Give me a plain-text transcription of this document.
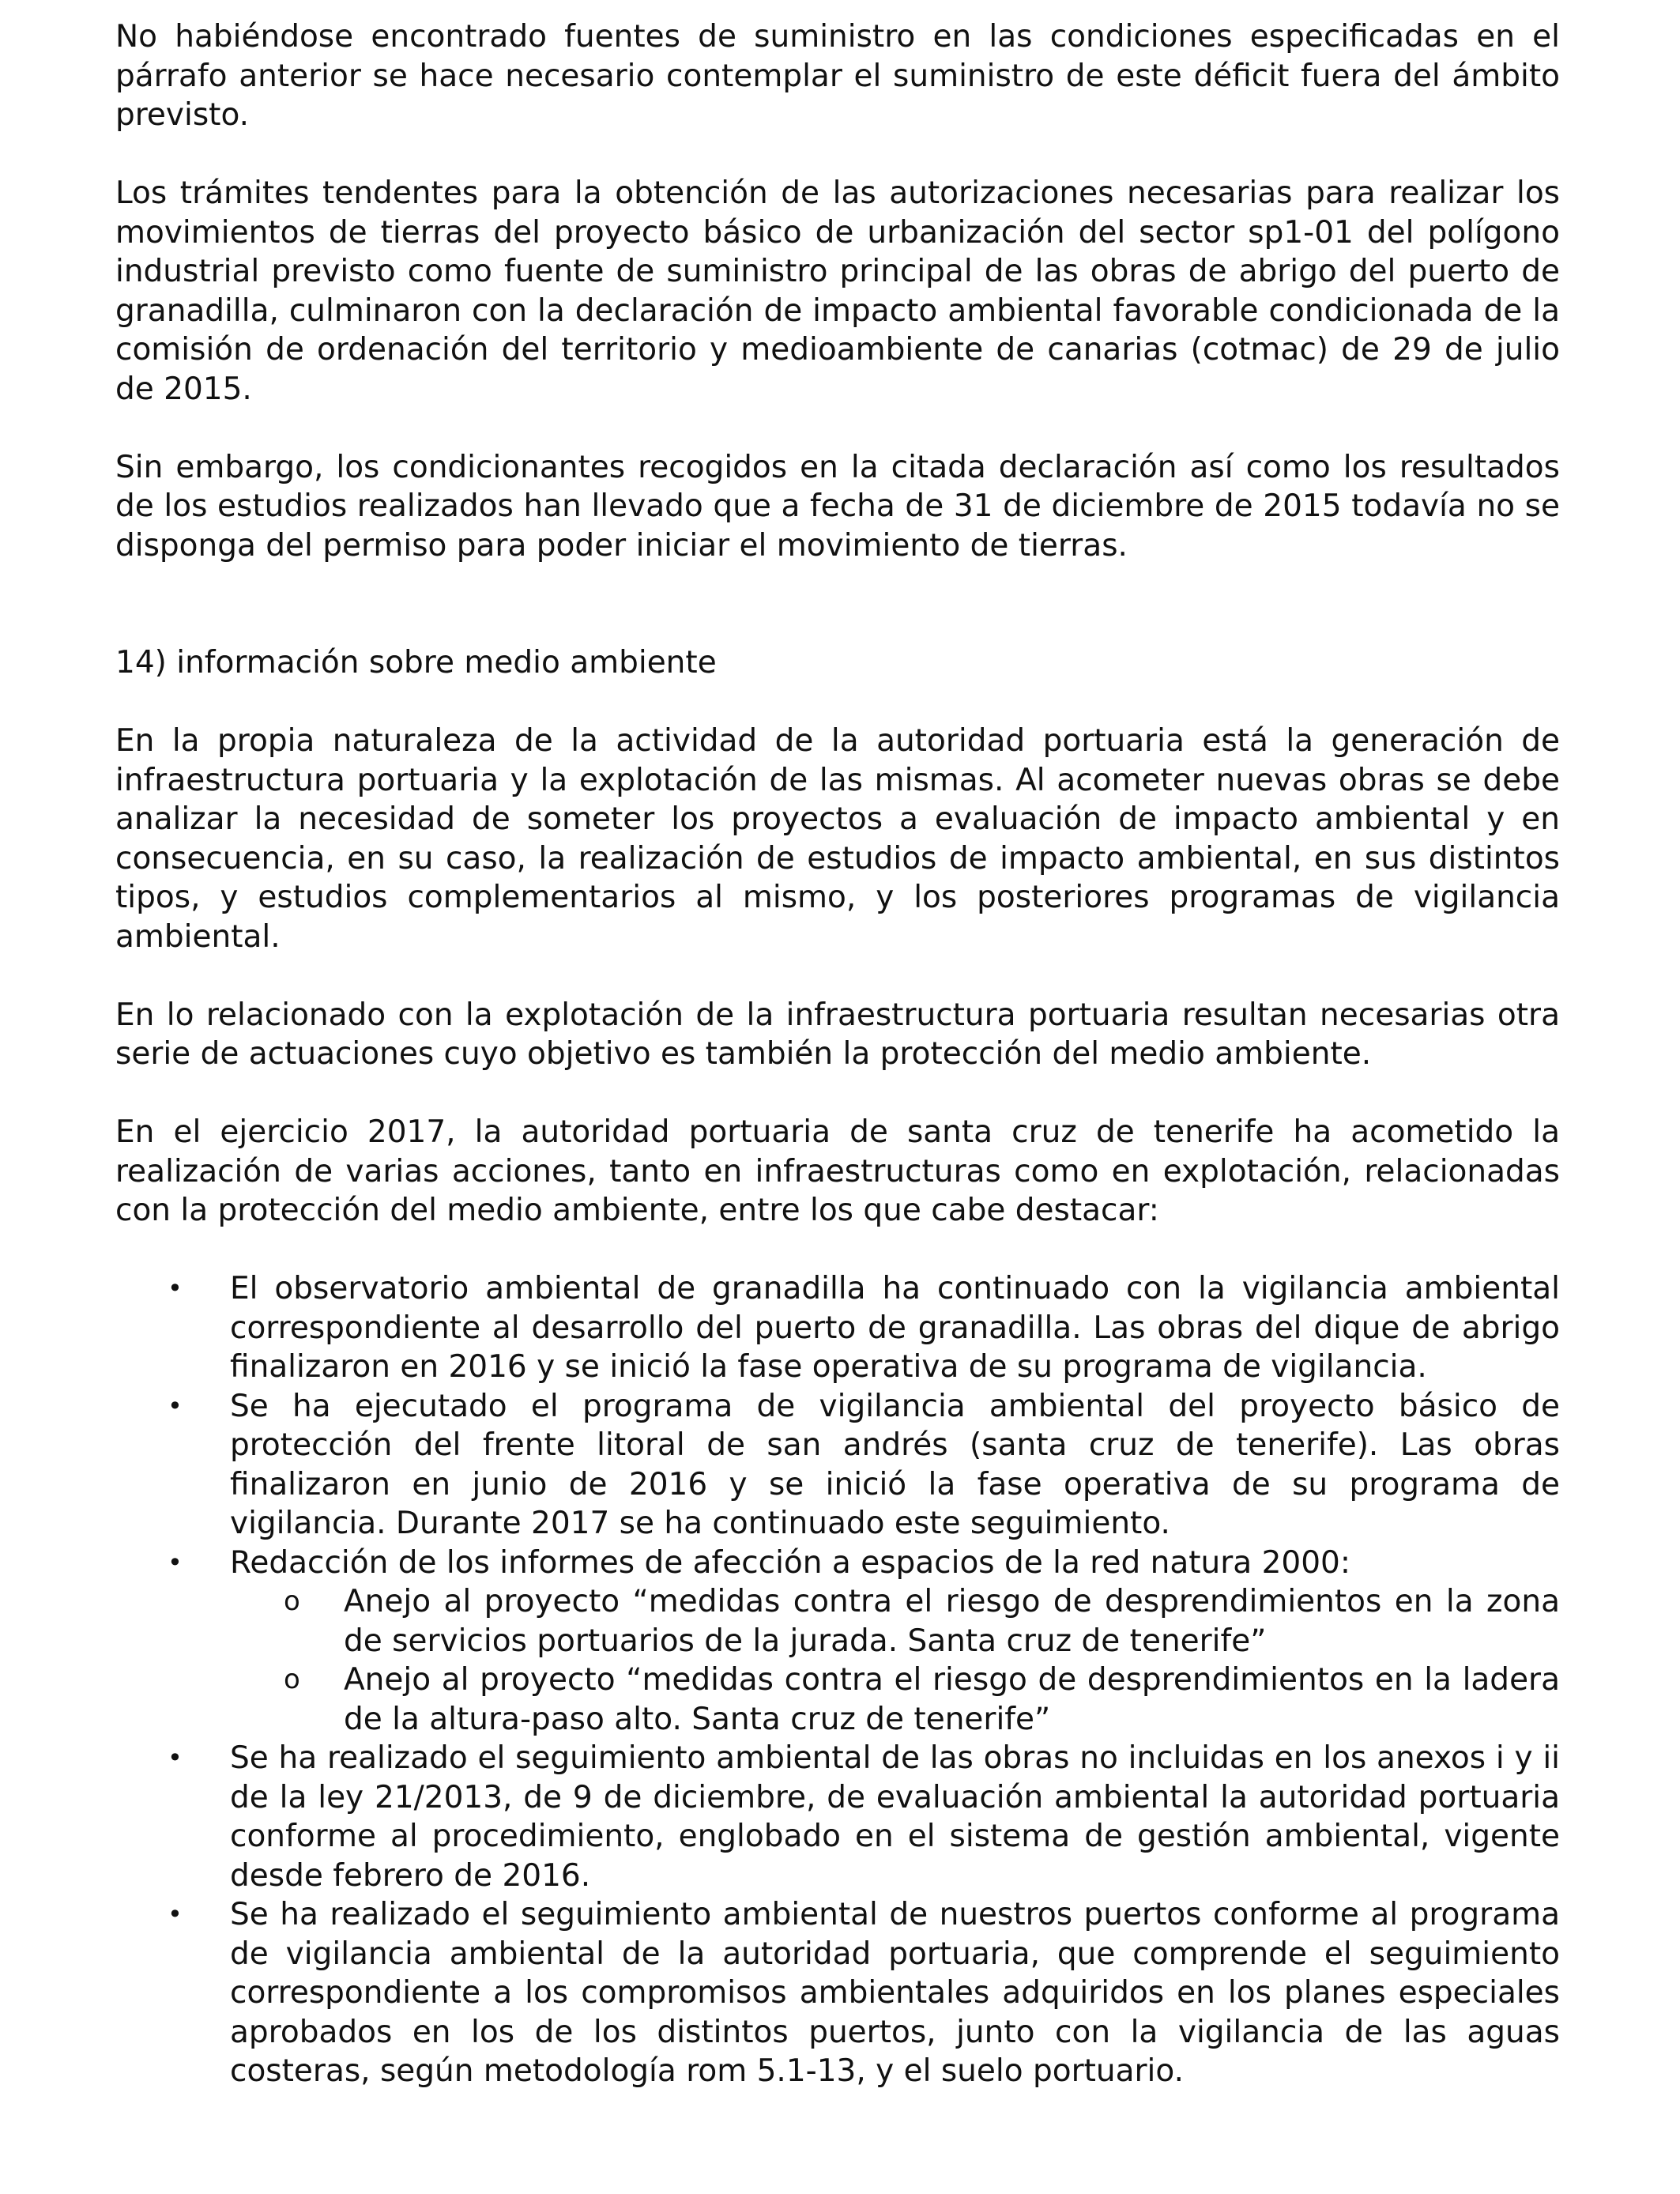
No habiéndose encontrado fuentes de suministro en las condiciones especificadas en el párrafo anterior se hace necesario contemplar el suministro de este déficit fuera del ámbito previsto.

Los trámites tendentes para la obtención de las autorizaciones necesarias para realizar los movimientos de tierras del proyecto básico de urbanización del sector sp1-01 del polígono industrial previsto como fuente de suministro principal de las obras de abrigo del puerto de granadilla, culminaron con la declaración de impacto ambiental favorable condicionada de la comisión de ordenación del territorio y medioambiente de canarias (cotmac) de 29 de julio de 2015.

Sin embargo, los condicionantes recogidos en la citada declaración así como los resultados de los estudios realizados han llevado que a fecha de 31 de diciembre de 2015 todavía no se disponga del permiso para poder iniciar el movimiento de tierras.

14) información sobre medio ambiente

En la propia naturaleza de la actividad de la autoridad portuaria está la generación de infraestructura portuaria y la explotación de las mismas. Al acometer nuevas obras se debe analizar la necesidad de someter los proyectos a evaluación de impacto ambiental y en consecuencia, en su caso, la realización de estudios de impacto ambiental, en sus distintos tipos, y estudios complementarios al mismo, y los posteriores programas de vigilancia ambiental.

En lo relacionado con la explotación de la infraestructura portuaria resultan necesarias otra serie de actuaciones cuyo objetivo es también la protección del medio ambiente.

En el ejercicio 2017, la autoridad portuaria de santa cruz de tenerife ha acometido la realización de varias acciones, tanto en infraestructuras como en explotación, relacionadas con la protección del medio ambiente, entre los que cabe destacar:

• El observatorio ambiental de granadilla ha continuado con la vigilancia ambiental correspondiente al desarrollo del puerto de granadilla. Las obras del dique de abrigo finalizaron en 2016 y se inició la fase operativa de su programa de vigilancia.
• Se ha ejecutado el programa de vigilancia ambiental del proyecto básico de protección del frente litoral de san andrés (santa cruz de tenerife). Las obras finalizaron en junio de 2016 y se inició la fase operativa de su programa de vigilancia. Durante 2017 se ha continuado este seguimiento.
• Redacción de los informes de afección a espacios de la red natura 2000:
o Anejo al proyecto “medidas contra el riesgo de desprendimientos en la zona de servicios portuarios de la jurada. Santa cruz de tenerife”
o Anejo al proyecto “medidas contra el riesgo de desprendimientos en la ladera de la altura-paso alto. Santa cruz de tenerife”
• Se ha realizado el seguimiento ambiental de las obras no incluidas en los anexos i y ii de la ley 21/2013, de 9 de diciembre, de evaluación ambiental la autoridad portuaria conforme al procedimiento, englobado en el sistema de gestión ambiental, vigente desde febrero de 2016.
• Se ha realizado el seguimiento ambiental de nuestros puertos conforme al programa de vigilancia ambiental de la autoridad portuaria, que comprende el seguimiento correspondiente a los compromisos ambientales adquiridos en los planes especiales aprobados en los de los distintos puertos, junto con la vigilancia de las aguas costeras, según metodología rom 5.1-13, y el suelo portuario.
